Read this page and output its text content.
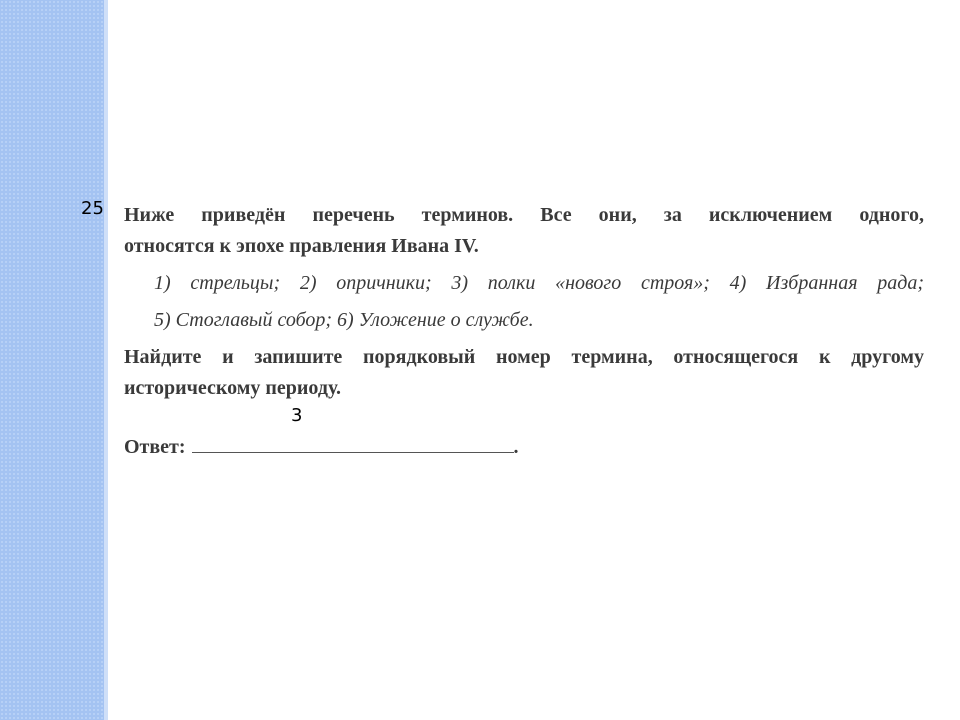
25 Ниже приведён перечень терминов. Все они, за исключением одного,
относятся к эпохе правления Ивана IV.
1) стрельцы; 2) опричники; 3) полки «нового строя»; 4) Избранная рада;
5) Стоглавый собор; 6) Уложение о службе.
Найдите и запишите порядковый номер термина, относящегося к другому
историческому периоду.
Ответ:	.
3
